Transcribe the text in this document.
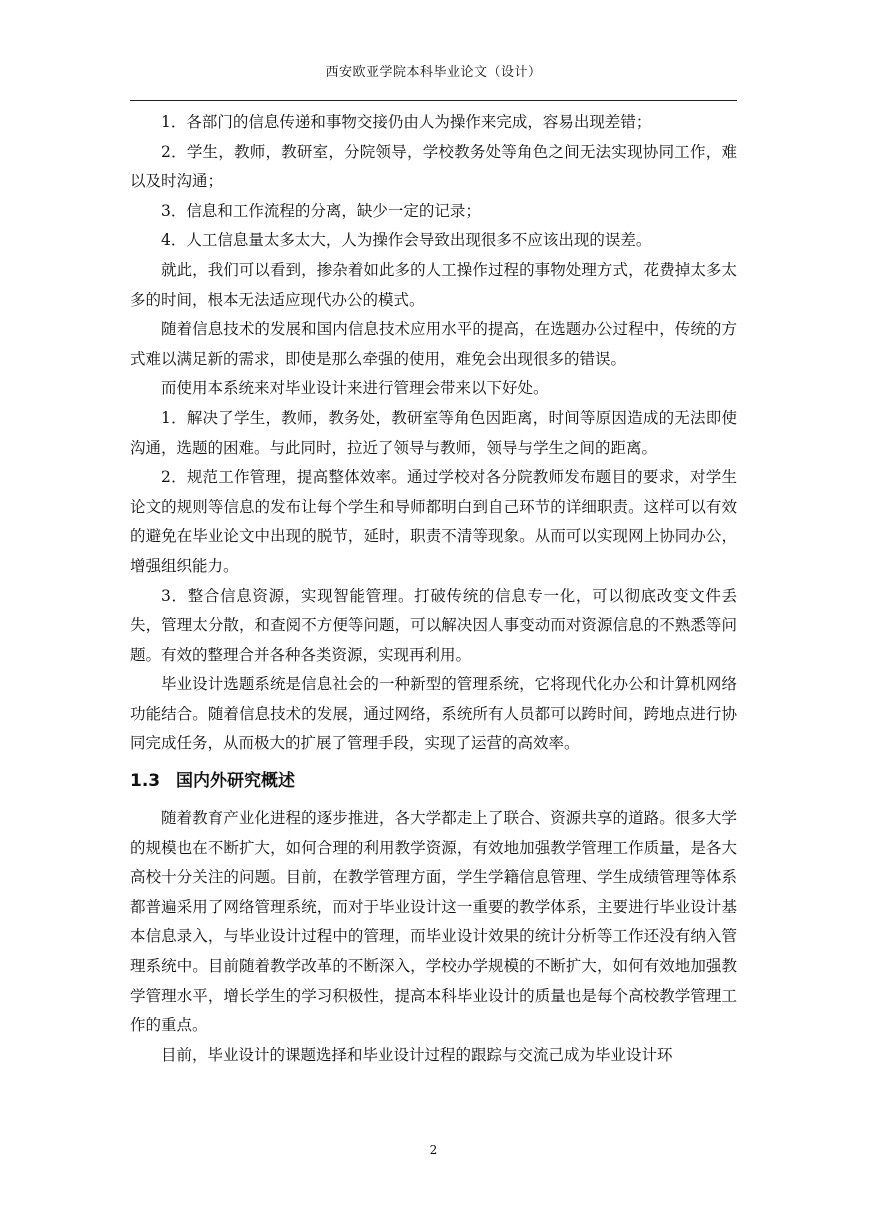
西安欧亚学院本科毕业论文（设计）

1．各部门的信息传递和事物交接仍由人为操作来完成，容易出现差错；

2．学生，教师，教研室，分院领导，学校教务处等角色之间无法实现协同工作，难以及时沟通；

3．信息和工作流程的分离，缺少一定的记录；

4．人工信息量太多太大，人为操作会导致出现很多不应该出现的误差。

就此，我们可以看到，掺杂着如此多的人工操作过程的事物处理方式，花费掉太多太多的时间，根本无法适应现代办公的模式。

随着信息技术的发展和国内信息技术应用水平的提高，在选题办公过程中，传统的方式难以满足新的需求，即使是那么牵强的使用，难免会出现很多的错误。

而使用本系统来对毕业设计来进行管理会带来以下好处。

1．解决了学生，教师，教务处，教研室等角色因距离，时间等原因造成的无法即使沟通，选题的困难。与此同时，拉近了领导与教师，领导与学生之间的距离。

2．规范工作管理，提高整体效率。通过学校对各分院教师发布题目的要求，对学生论文的规则等信息的发布让每个学生和导师都明白到自己环节的详细职责。这样可以有效的避免在毕业论文中出现的脱节，延时，职责不清等现象。从而可以实现网上协同办公，增强组织能力。

3．整合信息资源，实现智能管理。打破传统的信息专一化，可以彻底改变文件丢失，管理太分散，和查阅不方便等问题，可以解决因人事变动而对资源信息的不熟悉等问题。有效的整理合并各种各类资源，实现再利用。

毕业设计选题系统是信息社会的一种新型的管理系统，它将现代化办公和计算机网络功能结合。随着信息技术的发展，通过网络，系统所有人员都可以跨时间，跨地点进行协同完成任务，从而极大的扩展了管理手段，实现了运营的高效率。

1.3 国内外研究概述

随着教育产业化进程的逐步推进，各大学都走上了联合、资源共享的道路。很多大学的规模也在不断扩大，如何合理的利用教学资源，有效地加强教学管理工作质量，是各大高校十分关注的问题。目前，在教学管理方面，学生学籍信息管理、学生成绩管理等体系都普遍采用了网络管理系统，而对于毕业设计这一重要的教学体系，主要进行毕业设计基本信息录入，与毕业设计过程中的管理，而毕业设计效果的统计分析等工作还没有纳入管理系统中。目前随着教学改革的不断深入，学校办学规模的不断扩大，如何有效地加强教学管理水平，增长学生的学习积极性，提高本科毕业设计的质量也是每个高校教学管理工作的重点。

目前，毕业设计的课题选择和毕业设计过程的跟踪与交流己成为毕业设计环

2
